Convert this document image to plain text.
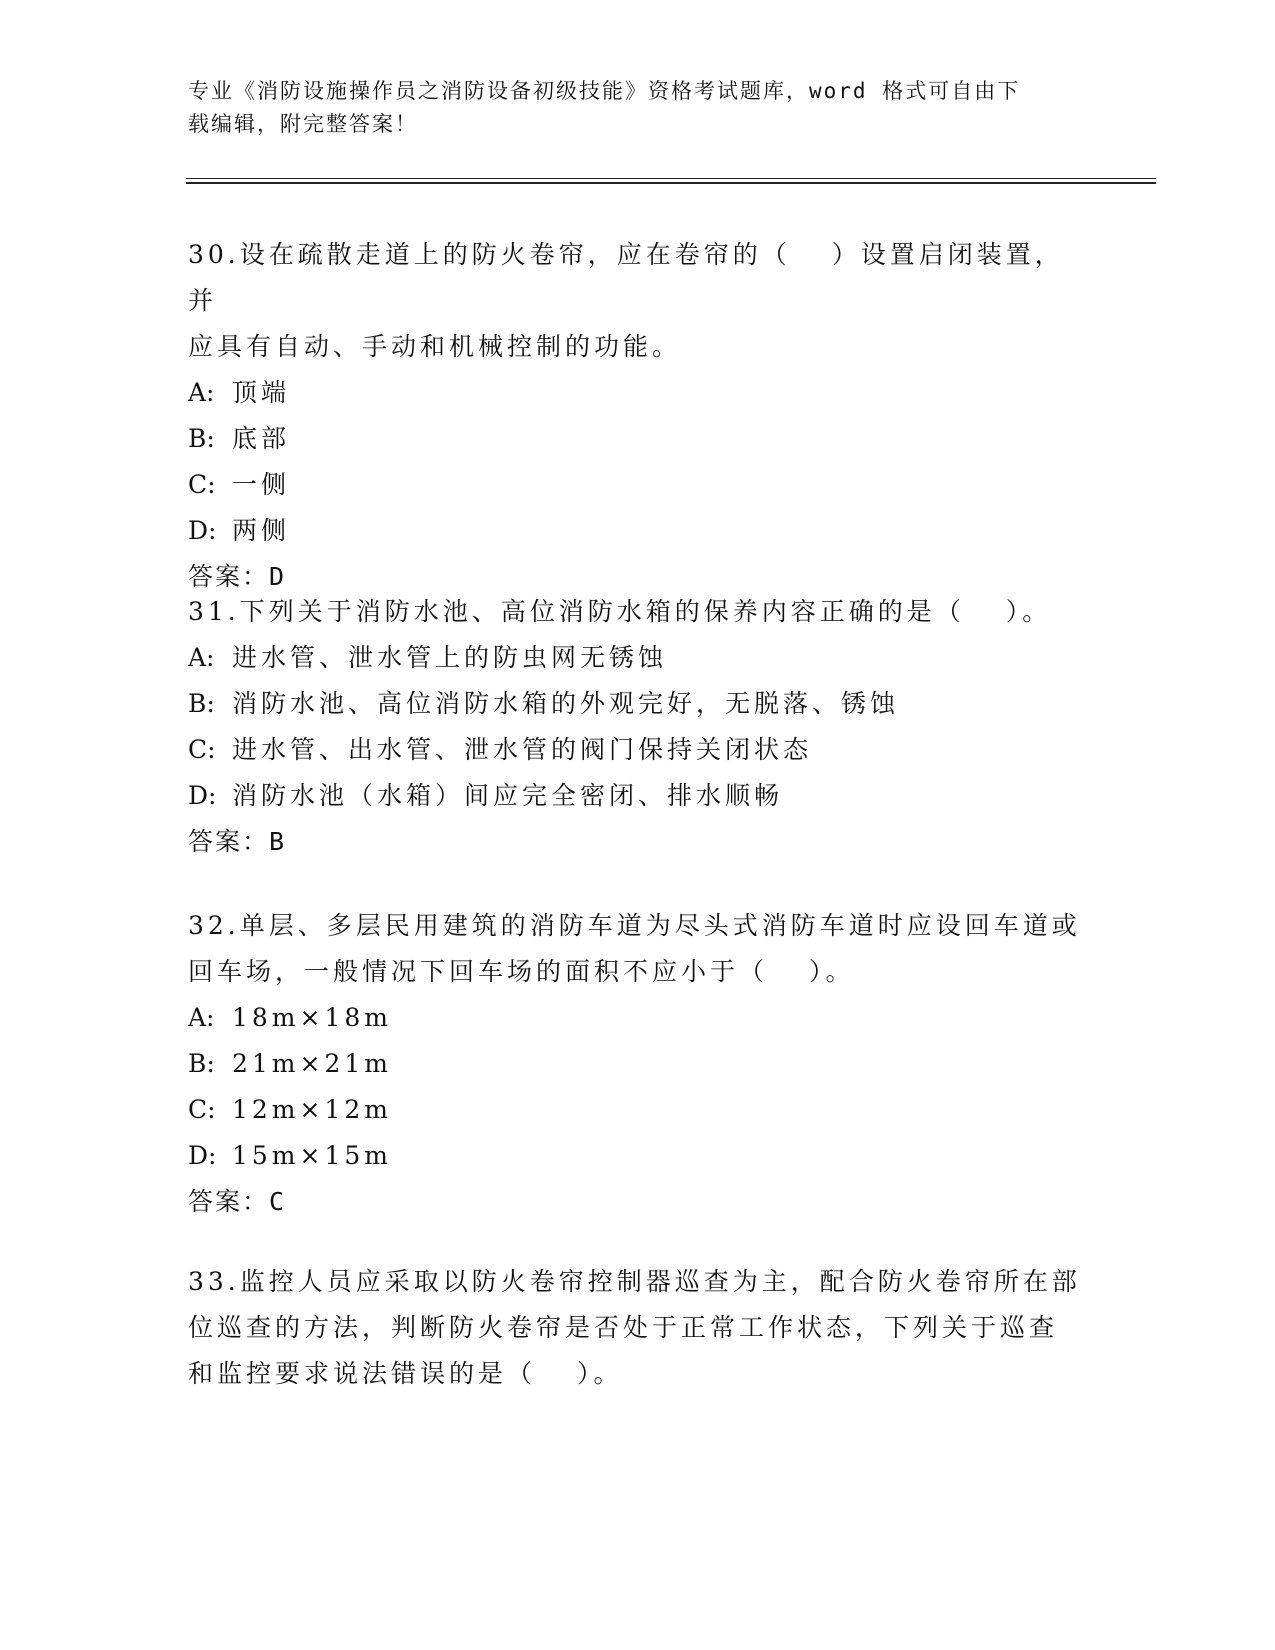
专业《消防设施操作员之消防设备初级技能》资格考试题库，word 格式可自由下
载编辑，附完整答案！
30.设在疏散走道上的防火卷帘，应在卷帘的（　 ）设置启闭装置，并
应具有自动、手动和机械控制的功能。
A: 顶端
B: 底部
C: 一侧
D: 两侧
答案：D
31.下列关于消防水池、高位消防水箱的保养内容正确的是（　 ）。
A: 进水管、泄水管上的防虫网无锈蚀
B: 消防水池、高位消防水箱的外观完好，无脱落、锈蚀
C: 进水管、出水管、泄水管的阀门保持关闭状态
D: 消防水池（水箱）间应完全密闭、排水顺畅
答案：B
32.单层、多层民用建筑的消防车道为尽头式消防车道时应设回车道或
回车场，一般情况下回车场的面积不应小于（　 ）。
A: 18m×18m
B: 21m×21m
C: 12m×12m
D: 15m×15m
答案：C
33.监控人员应采取以防火卷帘控制器巡查为主，配合防火卷帘所在部
位巡查的方法，判断防火卷帘是否处于正常工作状态，下列关于巡查
和监控要求说法错误的是（　 ）。
